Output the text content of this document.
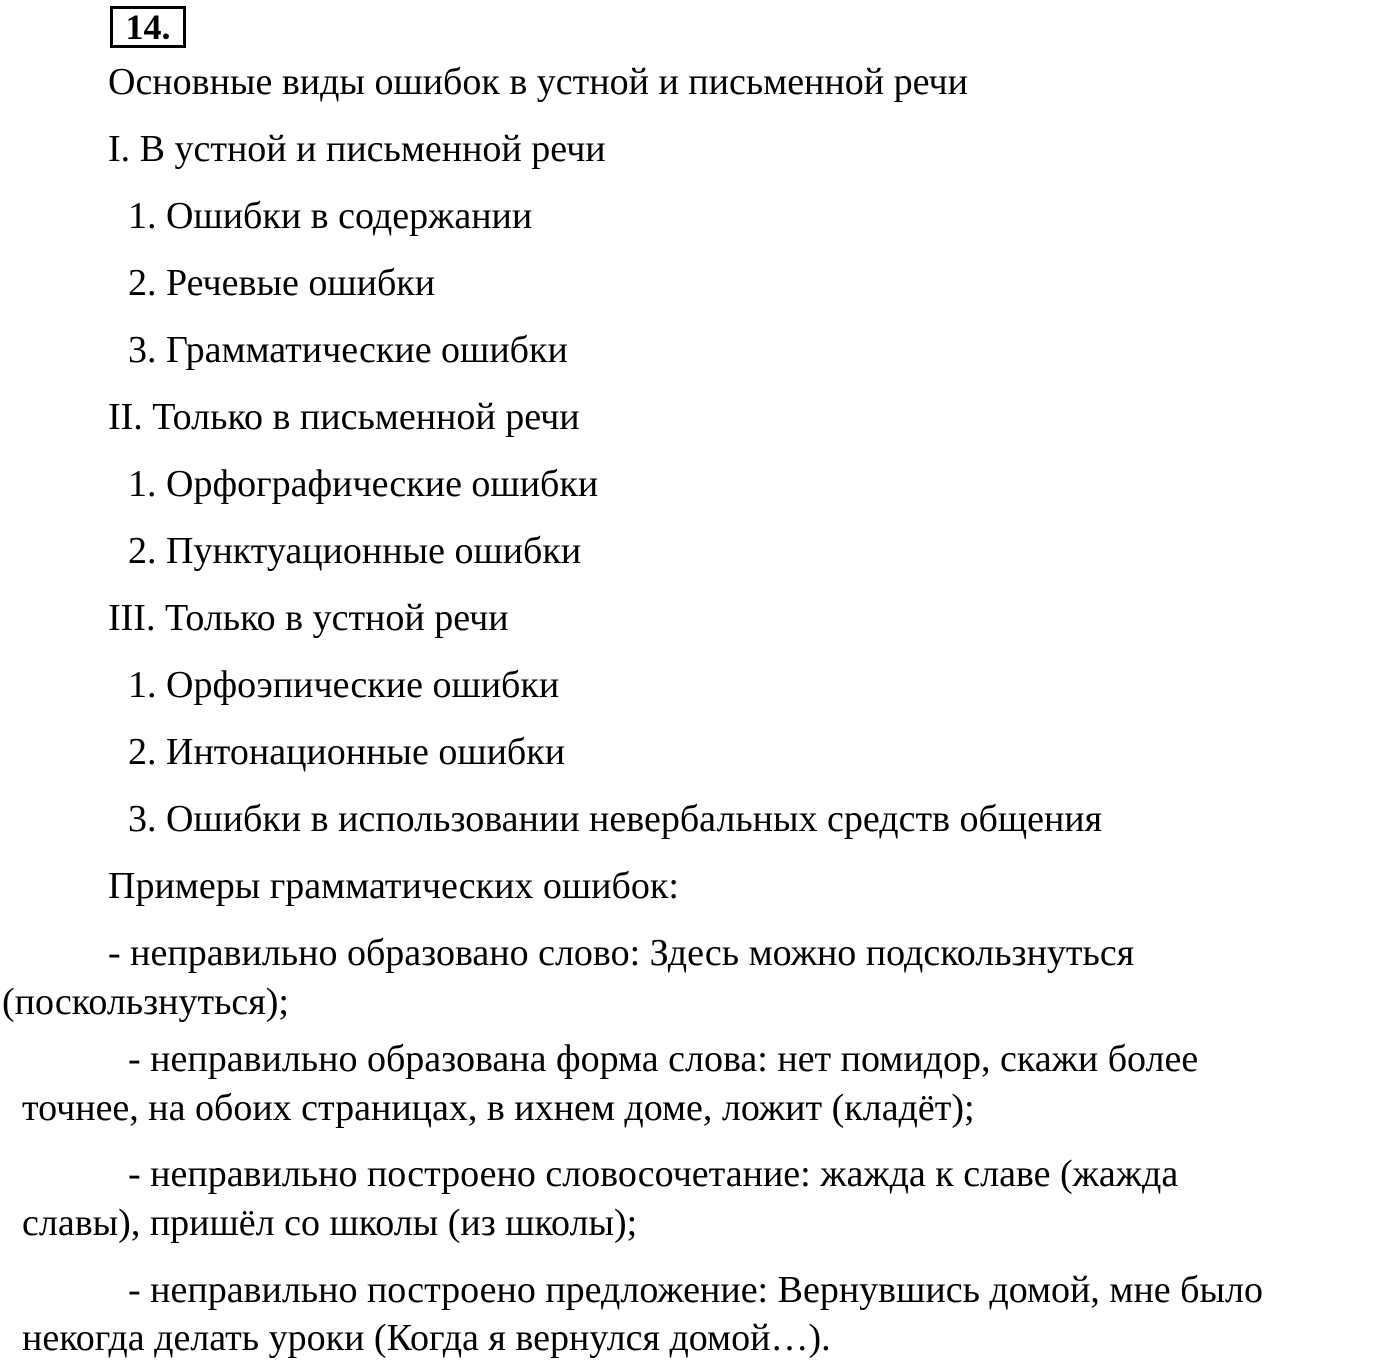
14.
Основные виды ошибок в устной и письменной речи
I. В устной и письменной речи
1. Ошибки в содержании
2. Речевые ошибки
3. Грамматические ошибки
II. Только в письменной речи
1. Орфографические ошибки
2. Пунктуационные ошибки
III. Только в устной речи
1. Орфоэпические ошибки
2. Интонационные ошибки
3. Ошибки в использовании невербальных средств общения
Примеры грамматических ошибок:
- неправильно образовано слово: Здесь можно подскользнуться
(поскользнуться);
- неправильно образована форма слова: нет помидор, скажи более
точнее, на обоих страницах, в ихнем доме, ложит (кладёт);
- неправильно построено словосочетание: жажда к славе (жажда
славы), пришёл со школы (из школы);
- неправильно построено предложение: Вернувшись домой, мне было
некогда делать уроки (Когда я вернулся домой…).
